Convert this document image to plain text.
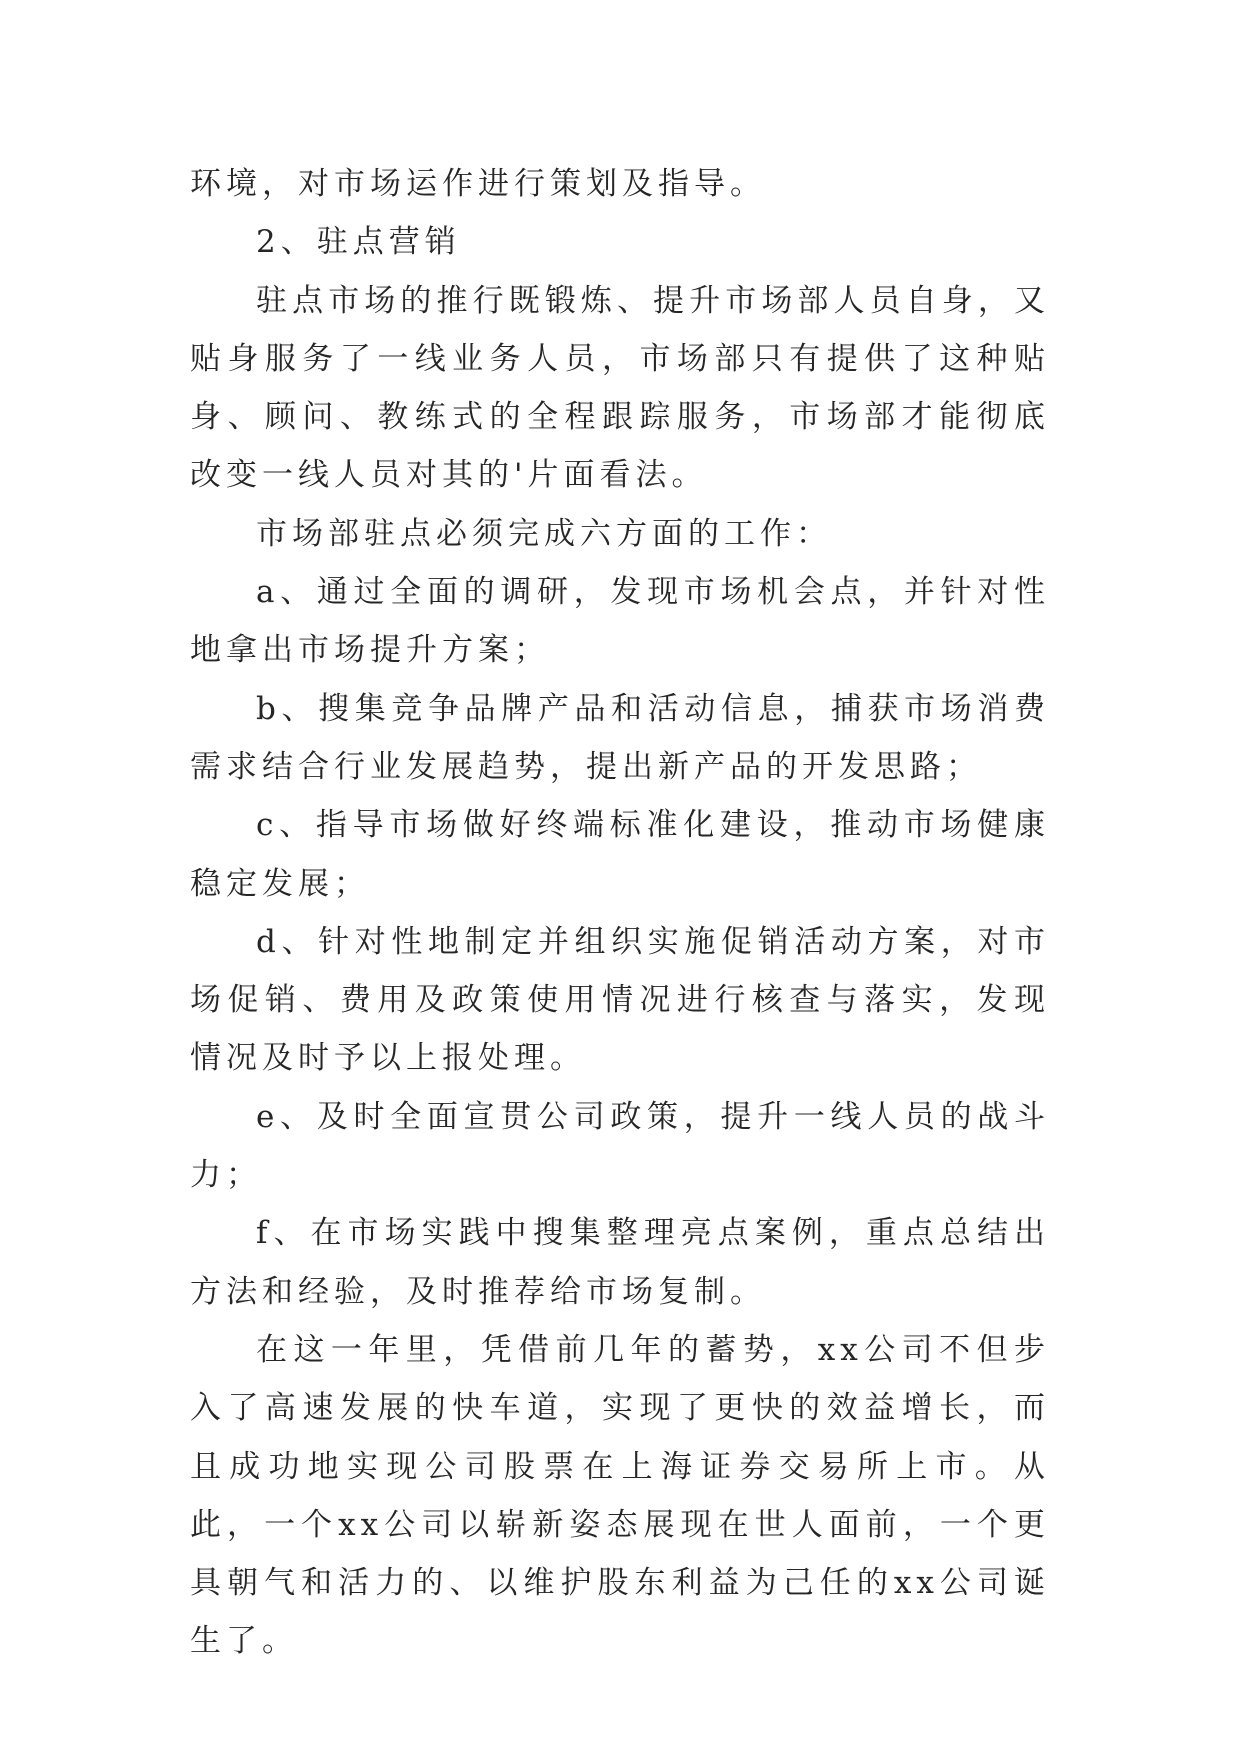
环境，对市场运作进行策划及指导。

2、驻点营销

驻点市场的推行既锻炼、提升市场部人员自身，又贴身服务了一线业务人员，市场部只有提供了这种贴身、顾问、教练式的全程跟踪服务，市场部才能彻底改变一线人员对其的'片面看法。

市场部驻点必须完成六方面的工作：

a、通过全面的调研，发现市场机会点，并针对性地拿出市场提升方案；

b、搜集竞争品牌产品和活动信息，捕获市场消费需求结合行业发展趋势，提出新产品的开发思路；

c、指导市场做好终端标准化建设，推动市场健康稳定发展；

d、针对性地制定并组织实施促销活动方案，对市场促销、费用及政策使用情况进行核查与落实，发现情况及时予以上报处理。

e、及时全面宣贯公司政策，提升一线人员的战斗力；

f、在市场实践中搜集整理亮点案例，重点总结出方法和经验，及时推荐给市场复制。

在这一年里，凭借前几年的蓄势，xx公司不但步入了高速发展的快车道，实现了更快的效益增长，而且成功地实现公司股票在上海证券交易所上市。从此，一个xx公司以崭新姿态展现在世人面前，一个更具朝气和活力的、以维护股东利益为己任的xx公司诞生了。
